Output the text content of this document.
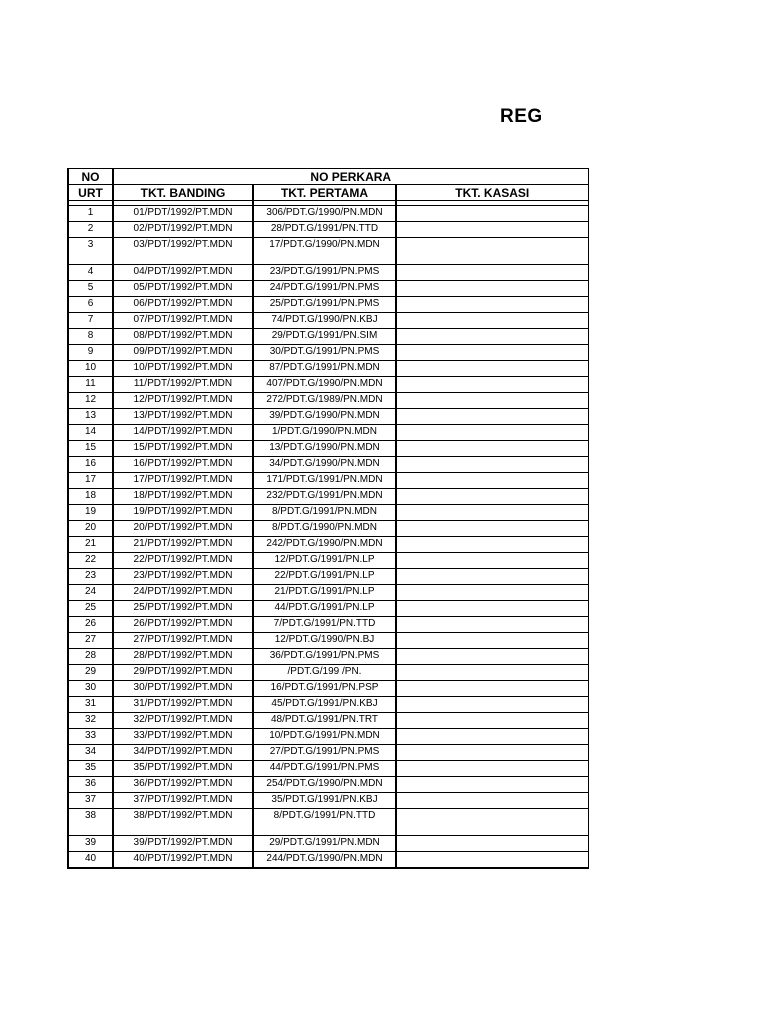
REG
NO	NO PERKARA		
URT	TKT. BANDING	TKT. PERTAMA	TKT. KASASI

1	01/PDT/1992/PT.MDN	306/PDT.G/1990/PN.MDN	
2	02/PDT/1992/PT.MDN	28/PDT.G/1991/PN.TTD	
3	03/PDT/1992/PT.MDN	17/PDT.G/1990/PN.MDN	
4	04/PDT/1992/PT.MDN	23/PDT.G/1991/PN.PMS	
5	05/PDT/1992/PT.MDN	24/PDT.G/1991/PN.PMS	
6	06/PDT/1992/PT.MDN	25/PDT.G/1991/PN.PMS	
7	07/PDT/1992/PT.MDN	74/PDT.G/1990/PN.KBJ	
8	08/PDT/1992/PT.MDN	29/PDT.G/1991/PN.SIM	
9	09/PDT/1992/PT.MDN	30/PDT.G/1991/PN.PMS	
10	10/PDT/1992/PT.MDN	87/PDT.G/1991/PN.MDN	
11	11/PDT/1992/PT.MDN	407/PDT.G/1990/PN.MDN	
12	12/PDT/1992/PT.MDN	272/PDT.G/1989/PN.MDN	
13	13/PDT/1992/PT.MDN	39/PDT.G/1990/PN.MDN	
14	14/PDT/1992/PT.MDN	1/PDT.G/1990/PN.MDN	
15	15/PDT/1992/PT.MDN	13/PDT.G/1990/PN.MDN	
16	16/PDT/1992/PT.MDN	34/PDT.G/1990/PN.MDN	
17	17/PDT/1992/PT.MDN	171/PDT.G/1991/PN.MDN	
18	18/PDT/1992/PT.MDN	232/PDT.G/1991/PN.MDN	
19	19/PDT/1992/PT.MDN	8/PDT.G/1991/PN.MDN	
20	20/PDT/1992/PT.MDN	8/PDT.G/1990/PN.MDN	
21	21/PDT/1992/PT.MDN	242/PDT.G/1990/PN.MDN	
22	22/PDT/1992/PT.MDN	12/PDT.G/1991/PN.LP	
23	23/PDT/1992/PT.MDN	22/PDT.G/1991/PN.LP	
24	24/PDT/1992/PT.MDN	21/PDT.G/1991/PN.LP	
25	25/PDT/1992/PT.MDN	44/PDT.G/1991/PN.LP	
26	26/PDT/1992/PT.MDN	7/PDT.G/1991/PN.TTD	
27	27/PDT/1992/PT.MDN	12/PDT.G/1990/PN.BJ	
28	28/PDT/1992/PT.MDN	36/PDT.G/1991/PN.PMS	
29	29/PDT/1992/PT.MDN	/PDT.G/199 /PN.	
30	30/PDT/1992/PT.MDN	16/PDT.G/1991/PN.PSP	
31	31/PDT/1992/PT.MDN	45/PDT.G/1991/PN.KBJ	
32	32/PDT/1992/PT.MDN	48/PDT.G/1991/PN.TRT	
33	33/PDT/1992/PT.MDN	10/PDT.G/1991/PN.MDN	
34	34/PDT/1992/PT.MDN	27/PDT.G/1991/PN.PMS	
35	35/PDT/1992/PT.MDN	44/PDT.G/1991/PN.PMS	
36	36/PDT/1992/PT.MDN	254/PDT.G/1990/PN.MDN	
37	37/PDT/1992/PT.MDN	35/PDT.G/1991/PN.KBJ	
38	38/PDT/1992/PT.MDN	8/PDT.G/1991/PN.TTD	
39	39/PDT/1992/PT.MDN	29/PDT.G/1991/PN.MDN	
40	40/PDT/1992/PT.MDN	244/PDT.G/1990/PN.MDN	
